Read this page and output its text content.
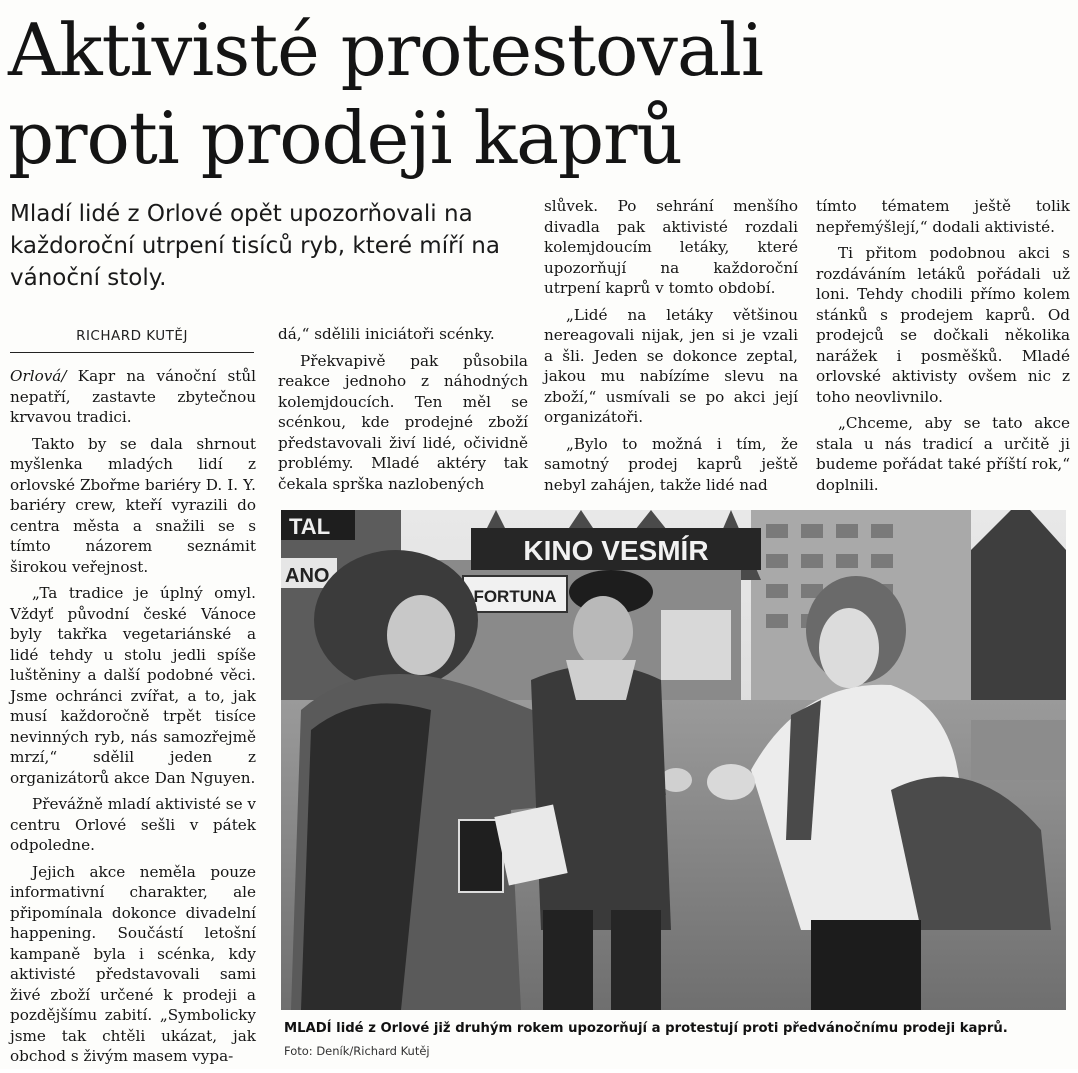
Aktivisté protestovali proti prodeji kaprů

Mladí lidé z Orlové opět upozorňovali na každoroční utrpení tisíců ryb, které míří na vánoční stoly.

RICHARD KUTĚJ

Orlová/ Kapr na vánoční stůl nepatří, zastavte zbytečnou krvavou tradici.

Takto by se dala shrnout myšlenka mladých lidí z orlovské Zbořme bariéry D. I. Y. bariéry crew, kteří vyrazili do centra města a snažili se s tímto názorem seznámit širokou veřejnost.

„Ta tradice je úplný omyl. Vždyť původní české Vánoce byly takřka vegetariánské a lidé tehdy u stolu jedli spíše luštěniny a další podobné věci. Jsme ochránci zvířat, a to, jak musí každoročně trpět tisíce nevinných ryb, nás samozřejmě mrzí,“ sdělil jeden z organizátorů akce Dan Nguyen.

Převážně mladí aktivisté se v centru Orlové sešli v pátek odpoledne.

Jejich akce neměla pouze informativní charakter, ale připomínala dokonce divadelní happening. Součástí letošní kampaně byla i scénka, kdy aktivisté představovali sami živé zboží určené k prodeji a pozdějšímu zabití. „Symbolicky jsme tak chtěli ukázat, jak obchod s živým masem vypa-

dá,“ sdělili iniciátoři scénky.

Překvapivě pak působila reakce jednoho z náhodných kolemjdoucích. Ten měl se scénkou, kde prodejné zboží představovali živí lidé, očividně problémy. Mladé aktéry tak čekala sprška nazlobených

slůvek. Po sehrání menšího divadla pak aktivisté rozdali kolemjdoucím letáky, které upozorňují na každoroční utrpení kaprů v tomto období.

„Lidé na letáky většinou nereagovali nijak, jen si je vzali a šli. Jeden se dokonce zeptal, jakou mu nabízíme slevu na zboží,“ usmívali se po akci její organizátoři.

„Bylo to možná i tím, že samotný prodej kaprů ještě nebyl zahájen, takže lidé nad

tímto tématem ještě tolik nepřemýšlejí,“ dodali aktivisté.

Ti přitom podobnou akci s rozdáváním letáků pořádali už loni. Tehdy chodili přímo kolem stánků s prodejem kaprů. Od prodejců se dočkali několika narážek i posměšků. Mladé orlovské aktivisty ovšem nic z toho neovlivnilo.

„Chceme, aby se tato akce stala u nás tradicí a určitě ji budeme pořádat také příští rok,“ doplnili.

KINO VESMÍR
FORTUNA
TAL
ANO

MLADÍ lidé z Orlové již druhým rokem upozorňují a protestují proti předvánočnímu prodeji kaprů.

Foto: Deník/Richard Kutěj
